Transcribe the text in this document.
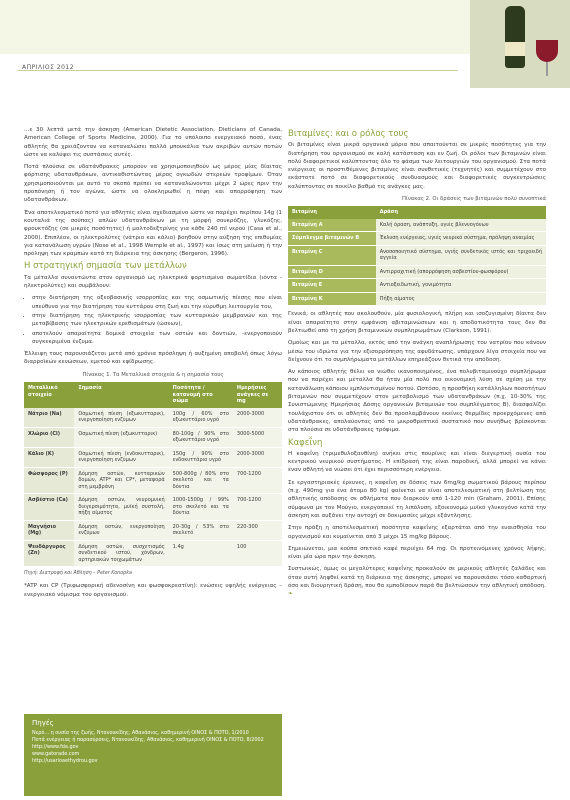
ΑΠΡΙΛΙΟΣ 2012

...ε 30 λεπτά μετά την άσκηση (American Dietetic Association, Dieticians of Canada, American College of Sports Medicine, 2000). Για το υπόλοιπο ενεργειακό ποσό, ένας αθλητής θα χρειάζονταν να καταναλώσει πολλά μπουκάλια των ακριβών αυτών ποτών ώστε να καλύψει τις συστάσεις αυτές.

Ποτά πλούσια σε υδατάνθρακες μπορούν να χρησιμοποιηθούν ως μέρος μίας δίαιτας φόρτισης υδατανθράκων, αντικαθιστώντας μέρος ογκωδών στερεών τροφίμων. Όταν χρησιμοποιούνται με αυτό το σκοπό πρέπει να καταναλώνονται μέχρι 2 ώρες πριν την προπόνηση ή τον αγώνα, ώστε να ολοκληρωθεί η πέψη και απορρόφηση των υδατανθράκων.

Ένα αποτελεσματικό ποτό για αθλητές είναι σχεδιασμένο ώστε να παρέχει περίπου 14g (1 κουταλιά της σούπας) απλών υδατανθράκων με τη μορφή σουκρόζης, γλυκόζης, φρουκτόζης (σε μικρές ποσότητες) ή μαλτοδεξτρίνης για κάθε 240 ml νερού (Casa et al., 2000). Επιπλέον, οι ηλεκτρολύτες (νάτριο και κάλιο) βοηθούν στην αύξηση της επιθυμίας για κατανάλωση υγρών (Nose et al., 1998 Wemple et al., 1997) και ίσως στη μείωση ή την πρόληψη των κραμπών κατά τη διάρκεια της άσκησης (Bergeron, 1996).

Η στρατηγική σημασία των μετάλλων

Τα μέταλλα συναντώντα στον οργανισμό ως ηλεκτρικά φορτισμένα σωματίδια (ιόντα - ηλεκτρολύτες) και συμβάλουν:

• στην διατήρηση της οξεοβασικής ισορροπίας και της οσμωτικής πίεσης που είναι υπεύθυνα για την διατήρηση του κυττάρου στη ζωή και την εύρυθμη λειτουργία του,
• στην διατήρηση της ηλεκτρικής ισορροπίας των κυτταρικών μεμβρανών και της μεταβίβασης των ηλεκτρικών ερεθισμάτων (ώσεων),
• αποτελούν απαραίτητα δομικά στοιχεία των οστών και δοντιών, -ενεργοποιούν συγκεκριμένα ένζυμα.

Έλλειψη τους παρουσιάζεται μετά από χρόνια πρόσληψη ή αυξημένη αποβολή όπως λόγω διαρροϊκών κενώσεων, εμετού και εφίδρωσης.

Πίνακας 1. Τα Μεταλλικά στοιχεία & η σημασία τους
Μεταλλικό στοιχείο	Σημασία	Ποσότητα / κατανομή στο σώμα	Ημερήσιες ανάγκες σε mg
Νάτριο (Na)	Οσμωτική πίεση (εξωκυτταρικ), ενεργοποίηση ενζύμων	100g / 60% στο εξωκυττάριο υγρό	2000-3000
Χλώριο (Cl)	Οσμωτική πίεση (εξωκυτταρικ)	80-100g / 90% στο εξωκυττάριο υγρό	3000-5000
Κάλιο (K)	Οσμωτική πίεση (ενδοκυτταρικ), ενεργοποίηση ενζύμων	150g / 90% στο ενδοκυττάριο υγρό	2000-3000
Φώσφορος (P)	Δόμηση οστών, κυτταρικών δομών, ATP* και CP*, μεταφορά στη μεμβράνη	500-800g / 80% στο σκελετό και τα δόντια	700-1200
Ασβέστιο (Ca)	Δόμηση οστών, νευρομυική διεγερσιμότητα, μυϊκή συστολή, πήξη αίματος	1000-1500g / 99% στο σκελετό και τα δόντια	700-1200
Μαγνήσιο (Mg)	Δόμηση οστών, ενεργοποίηση ενζύμων	20-30g / 53% στο σκελετό	220-300
Ψευδάργυρος (Zn)	Δόμηση οστών, συσχετισμός συνδετικού ιστού, χόνδρων, αρτηριακών τοιχωμάτων	1.4g	100
Πηγή: Διατροφή και Άθληση – Peter Konopka

*ATP και CP (Τριφωσφορική αδενοσίνη και φωσφοκρεατίνη): ενώσεις υψηλής ενέργειας – ενεργειακό νόμισμα του οργανισμού.

Πηγές
Νερό... η ουσία της ζωής, Ντανουκίδης, Αθανάσιος, καθημερινή ΟΙΝΟΣ & ΠΟΤΟ, 1/2010
Ποτά ενέργειας ή παρασύρσεις, Ντανουκίδης, Αθανάσιος, καθημερινή ΟΙΝΟΣ & ΠΟΤΟ, 8/2002
http://www.fda.gov
www.gatorade.com
http://usarioaethydrou.gov
Βιταμίνες: και ο ρόλος τους

Οι βιταμίνες είναι μικρά οργανικά μόρια που απαιτούνται σε μικρές ποσότητες για την διατήρηση του οργανισμού σε καλή κατάσταση και εν ζωή. Οι ρόλοι των βιταμινών είναι πολύ διαφορετικοί καλύπτοντας όλο το φάσμα των λειτουργιών του οργανισμού. Στα ποτά ενέργειας οι προστιθέμενες βιταμίνες είναι συνθετικές (τεχνητές) και συμμετέχουν στο εκάστοτε ποτό σε διαφορετικούς συνδυασμούς και διαφορετικές συγκεντρώσεις καλύπτοντας σε ποικίλο βαθμό τις ανάγκες μας.

Πίνακας 2. Οι δράσεις των βιταμινών πολύ συνοπτικά
Βιταμίνη	Δράση
Βιταμίνη A	Καλή όραση, ανάπτυξη, υγιές βλεννογόνων
Σύμπλεγμα βιταμινών B	Έκλυση ενέργειας, υγιές νευρικό σύστημα, πρόληψη αναιμίας
Βιταμίνη C	Ανοσοποιητικό σύστημα, υγιής συνδετικός ιστός και τριχοειδή αγγεία
Βιταμίνη D	Αντιρραχιτική (απορρόφηση ασβεστίου-φωσφόρου)
Βιταμίνη E	Αντιοξειδωτική, γονιμότητα
Βιταμίνη K	Πήξη αίματος

Γενικά, οι αθλητές που ακολουθούν, μία φυσιολογική, πλήρη και ισοζυγισμένη δίαιτα δεν είναι απαραίτητο στην εμφάνιση αβιταμινώσεων και η αποδοτικότητα τους δεν θα βελτιωθεί από τη χρήση βιταμινικών συμπληρωμάτων (Clarkson, 1991).

Ομοίως και με τα μέταλλα, εκτός από την ανάγκη αναπλήρωσης του νατρίου που κάνουν μέσω του ιδρώτα για την εξισορρόπηση της αφυδάτωσης, υπάρχουν λίγα στοιχεία που να δείχνουν ότι το συμπλήρωματα μετάλλων επηρεάζουν θετικά την απόδοση.

Αν κάποιος αθλητής θέλει να νιώθει ικανοποιημένος, ένα πολυβιταμινούχο συμπλήρωμα που να παρέχει και μέταλλα θα ήταν μία πολύ πιο οικονομική λύση σε σχέση με την κατανάλωση κάποιου εμπλουτισμένου ποτού. Ωστόσο, η προσθήκη κατάλληλων ποσοτήτων βιταμινών που συμμετέχουν στον μεταβολισμό των υδατανθράκων (π.χ. 10-30% της Συνιστώμενης Ημερήσιας Δόσης οργανικών βιταμινών του συμπλέγματος Β), διασφαλίζει τουλάχιστον ότι οι αθλητές δεν θα προσλαμβάνουν εκείνες θερμίδες προερχόμενες από υδατάνθρακες, απολαύοντας από το μικροθρεπτικό συστατικό που συνήθως βρίσκονται στα πλούσια σε υδατάνθρακες τρόφιμα.

Καφεΐνη

Η καφεΐνη (τριμεθυλοξανθίνη) ανήκει στις πουρίνες και είναι διεγερτική ουσία του κεντρικού νευρικού συστήματος. Η επίδρασή της είναι παροδική, αλλά μπορεί να κάνει έναν αθλητή να νιώσει ότι έχει περισσότερη ενέργεια.

Σε εργαστηριακές έρευνες, η καφεΐνη σε δόσεις των 6mg/kg σωματικού βάρους περίπου (π.χ. 490mg για ένα άτομο 80 kg) φαίνεται να είναι αποτελεσματική στη βελτίωση της αθλητικής απόδοσης σε αθλήματα που διαρκούν από 1-120 min (Graham, 2001). Επίσης σύμφωνα με τον Μούγιο, ενεργοποιεί τη λιπόλυση, εξοικονομώ μυϊκό γλυκογόνο κατά την άσκηση και αυξάνει την αντοχή σε δοκιμασίες μέχρι εξάντλησης.

Στην πράξη η αποτελεσματική ποσότητα καφεΐνης εξαρτάται από την ευαισθησία του οργανισμού και κυμαίνεται από 3 μέχρι 15 mg/kg βάρους.

Σημειώνεται, μια κούπα σπιτικό καφέ περιέχει 64 mg. Οι προτεινόμενες χρόνος λήψης, είναι μία ώρα πριν την άσκηση.

Συστωικώς, όμως οι μεγαλύτερες καφεΐνης προκαλούν σε μερικούς αθλητές ζαλάδες και όταν αυτή ληφθεί κατά τη διάρκεια της άσκησης, μπορεί να παρουσιάσει τόσο καθαρτική όσο και διουρητική δράση, που θα εμποδίσουν παρά θα βελτιώσουν την αθλητική απόδοση. ❧
